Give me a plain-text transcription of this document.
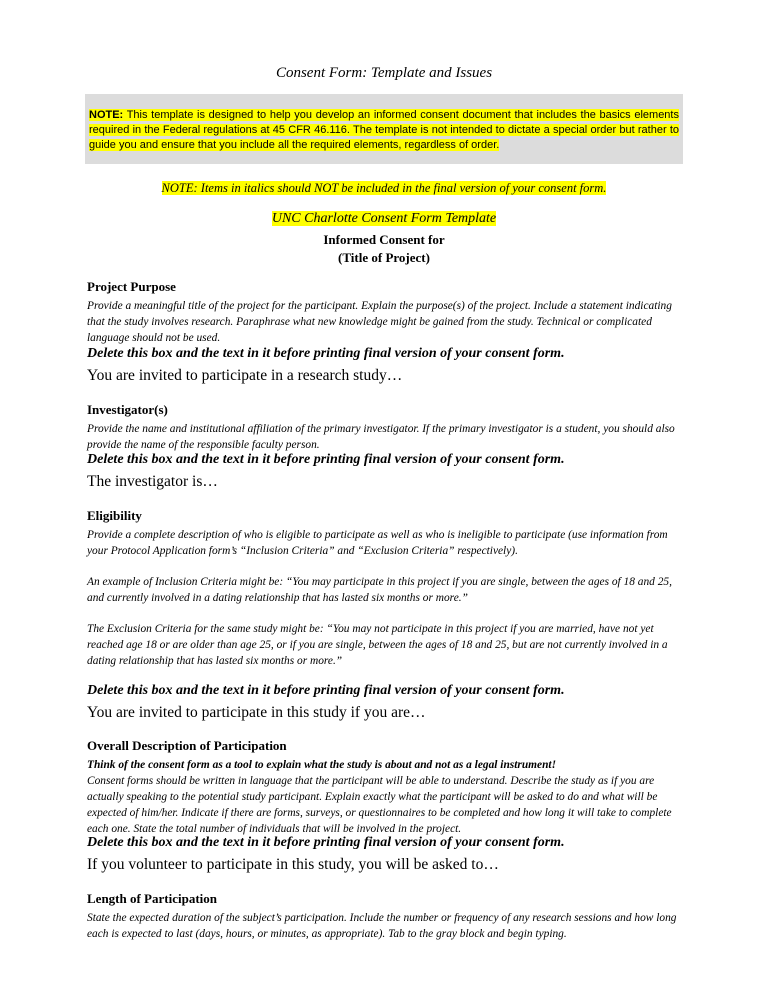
Consent Form: Template and Issues
NOTE: This template is designed to help you develop an informed consent document that includes the basics elements required in the Federal regulations at 45 CFR 46.116. The template is not intended to dictate a special order but rather to guide you and ensure that you include all the required elements, regardless of order.
NOTE: Items in italics should NOT be included in the final version of your consent form.
UNC Charlotte Consent Form Template
Informed Consent for
(Title of Project)
Project Purpose
Provide a meaningful title of the project for the participant. Explain the purpose(s) of the project. Include a statement indicating that the study involves research. Paraphrase what new knowledge might be gained from the study. Technical or complicated language should not be used.
Delete this box and the text in it before printing final version of your consent form.
You are invited to participate in a research study…
Investigator(s)
Provide the name and institutional affiliation of the primary investigator. If the primary investigator is a student, you should also provide the name of the responsible faculty person.
Delete this box and the text in it before printing final version of your consent form.
The investigator is…
Eligibility
Provide a complete description of who is eligible to participate as well as who is ineligible to participate (use information from your Protocol Application form’s “Inclusion Criteria” and “Exclusion Criteria” respectively).
An example of Inclusion Criteria might be: “You may participate in this project if you are single, between the ages of 18 and 25, and currently involved in a dating relationship that has lasted six months or more.”
The Exclusion Criteria for the same study might be: “You may not participate in this project if you are married, have not yet reached age 18 or are older than age 25, or if you are single, between the ages of 18 and 25, but are not currently involved in a dating relationship that has lasted six months or more.”
Delete this box and the text in it before printing final version of your consent form.
You are invited to participate in this study if you are…
Overall Description of Participation
Think of the consent form as a tool to explain what the study is about and not as a legal instrument!
Consent forms should be written in language that the participant will be able to understand. Describe the study as if you are actually speaking to the potential study participant. Explain exactly what the participant will be asked to do and what will be expected of him/her. Indicate if there are forms, surveys, or questionnaires to be completed and how long it will take to complete each one. State the total number of individuals that will be involved in the project.
Delete this box and the text in it before printing final version of your consent form.
If you volunteer to participate in this study, you will be asked to…
Length of Participation
State the expected duration of the subject’s participation. Include the number or frequency of any research sessions and how long each is expected to last (days, hours, or minutes, as appropriate). Tab to the gray block and begin typing.
